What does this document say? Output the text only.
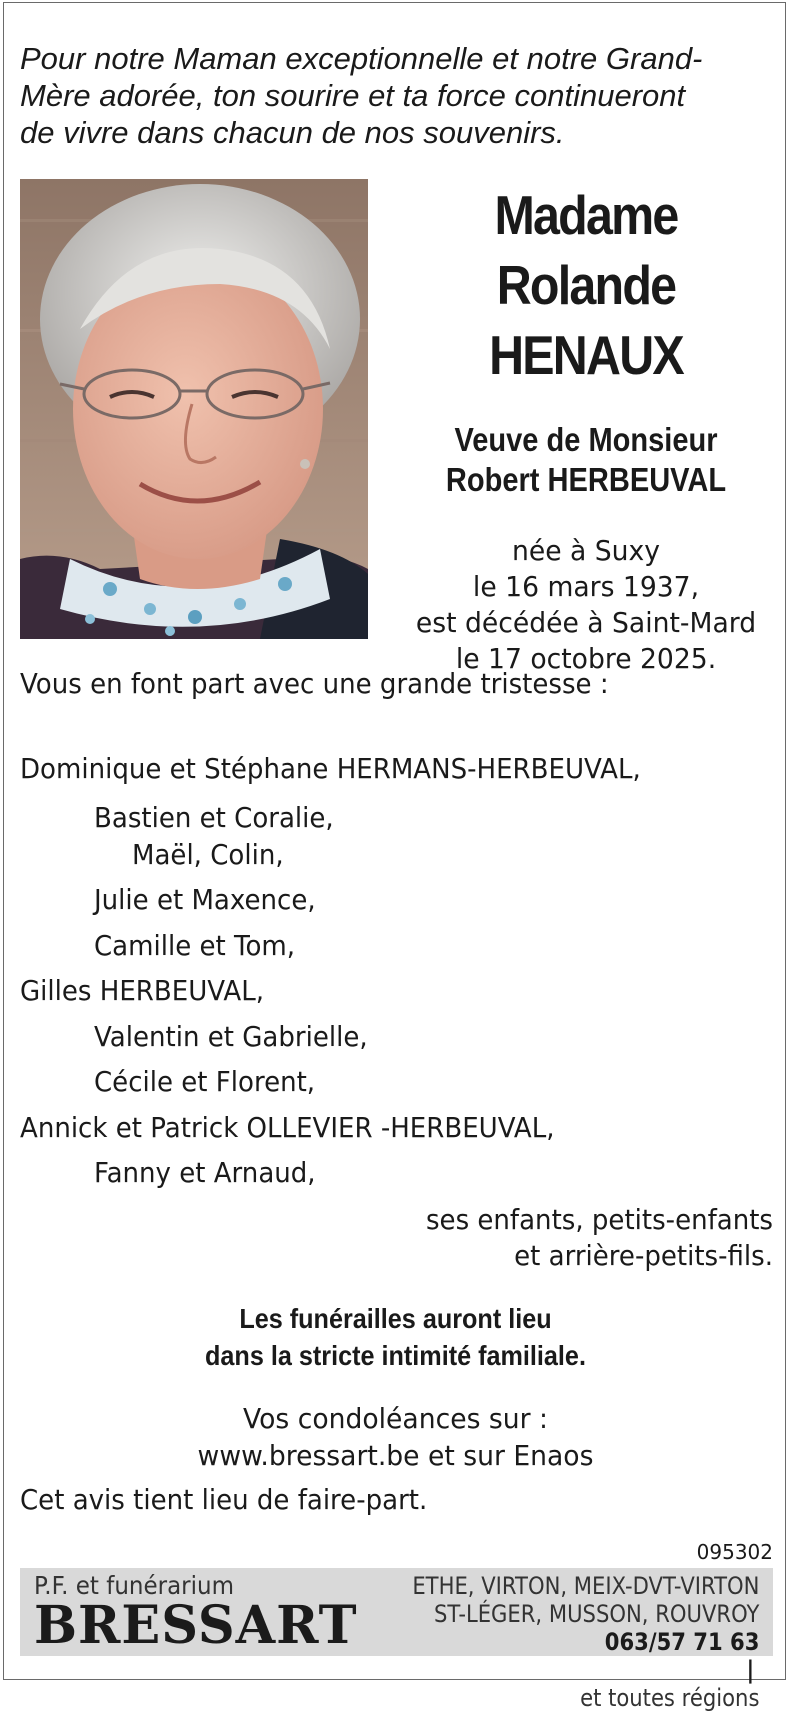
Pour notre Maman exceptionnelle et notre Grand-
Mère adorée, ton sourire et ta force continueront
de vivre dans chacun de nos souvenirs.
Madame
Rolande
HENAUX
Veuve de Monsieur
Robert HERBEUVAL
née à Suxy
le 16 mars 1937,
est décédée à Saint-Mard
le 17 octobre 2025.
Vous en font part avec une grande tristesse :
Dominique et Stéphane HERMANS-HERBEUVAL,
Bastien et Coralie,
Maël, Colin,
Julie et Maxence,
Camille et Tom,
Gilles HERBEUVAL,
Valentin et Gabrielle,
Cécile et Florent,
Annick et Patrick OLLEVIER -HERBEUVAL,
Fanny et Arnaud,
ses enfants, petits-enfants
et arrière-petits-fils.
Les funérailles auront lieu
dans la stricte intimité familiale.
Vos condoléances sur :
www.bressart.be et sur Enaos
Cet avis tient lieu de faire-part.
095302
P.F. et funérarium
BRESSART
ETHE, VIRTON, MEIX-DVT-VIRTON
ST-LÉGER, MUSSON, ROUVROY
063/57 71 63
|
et toutes régions
